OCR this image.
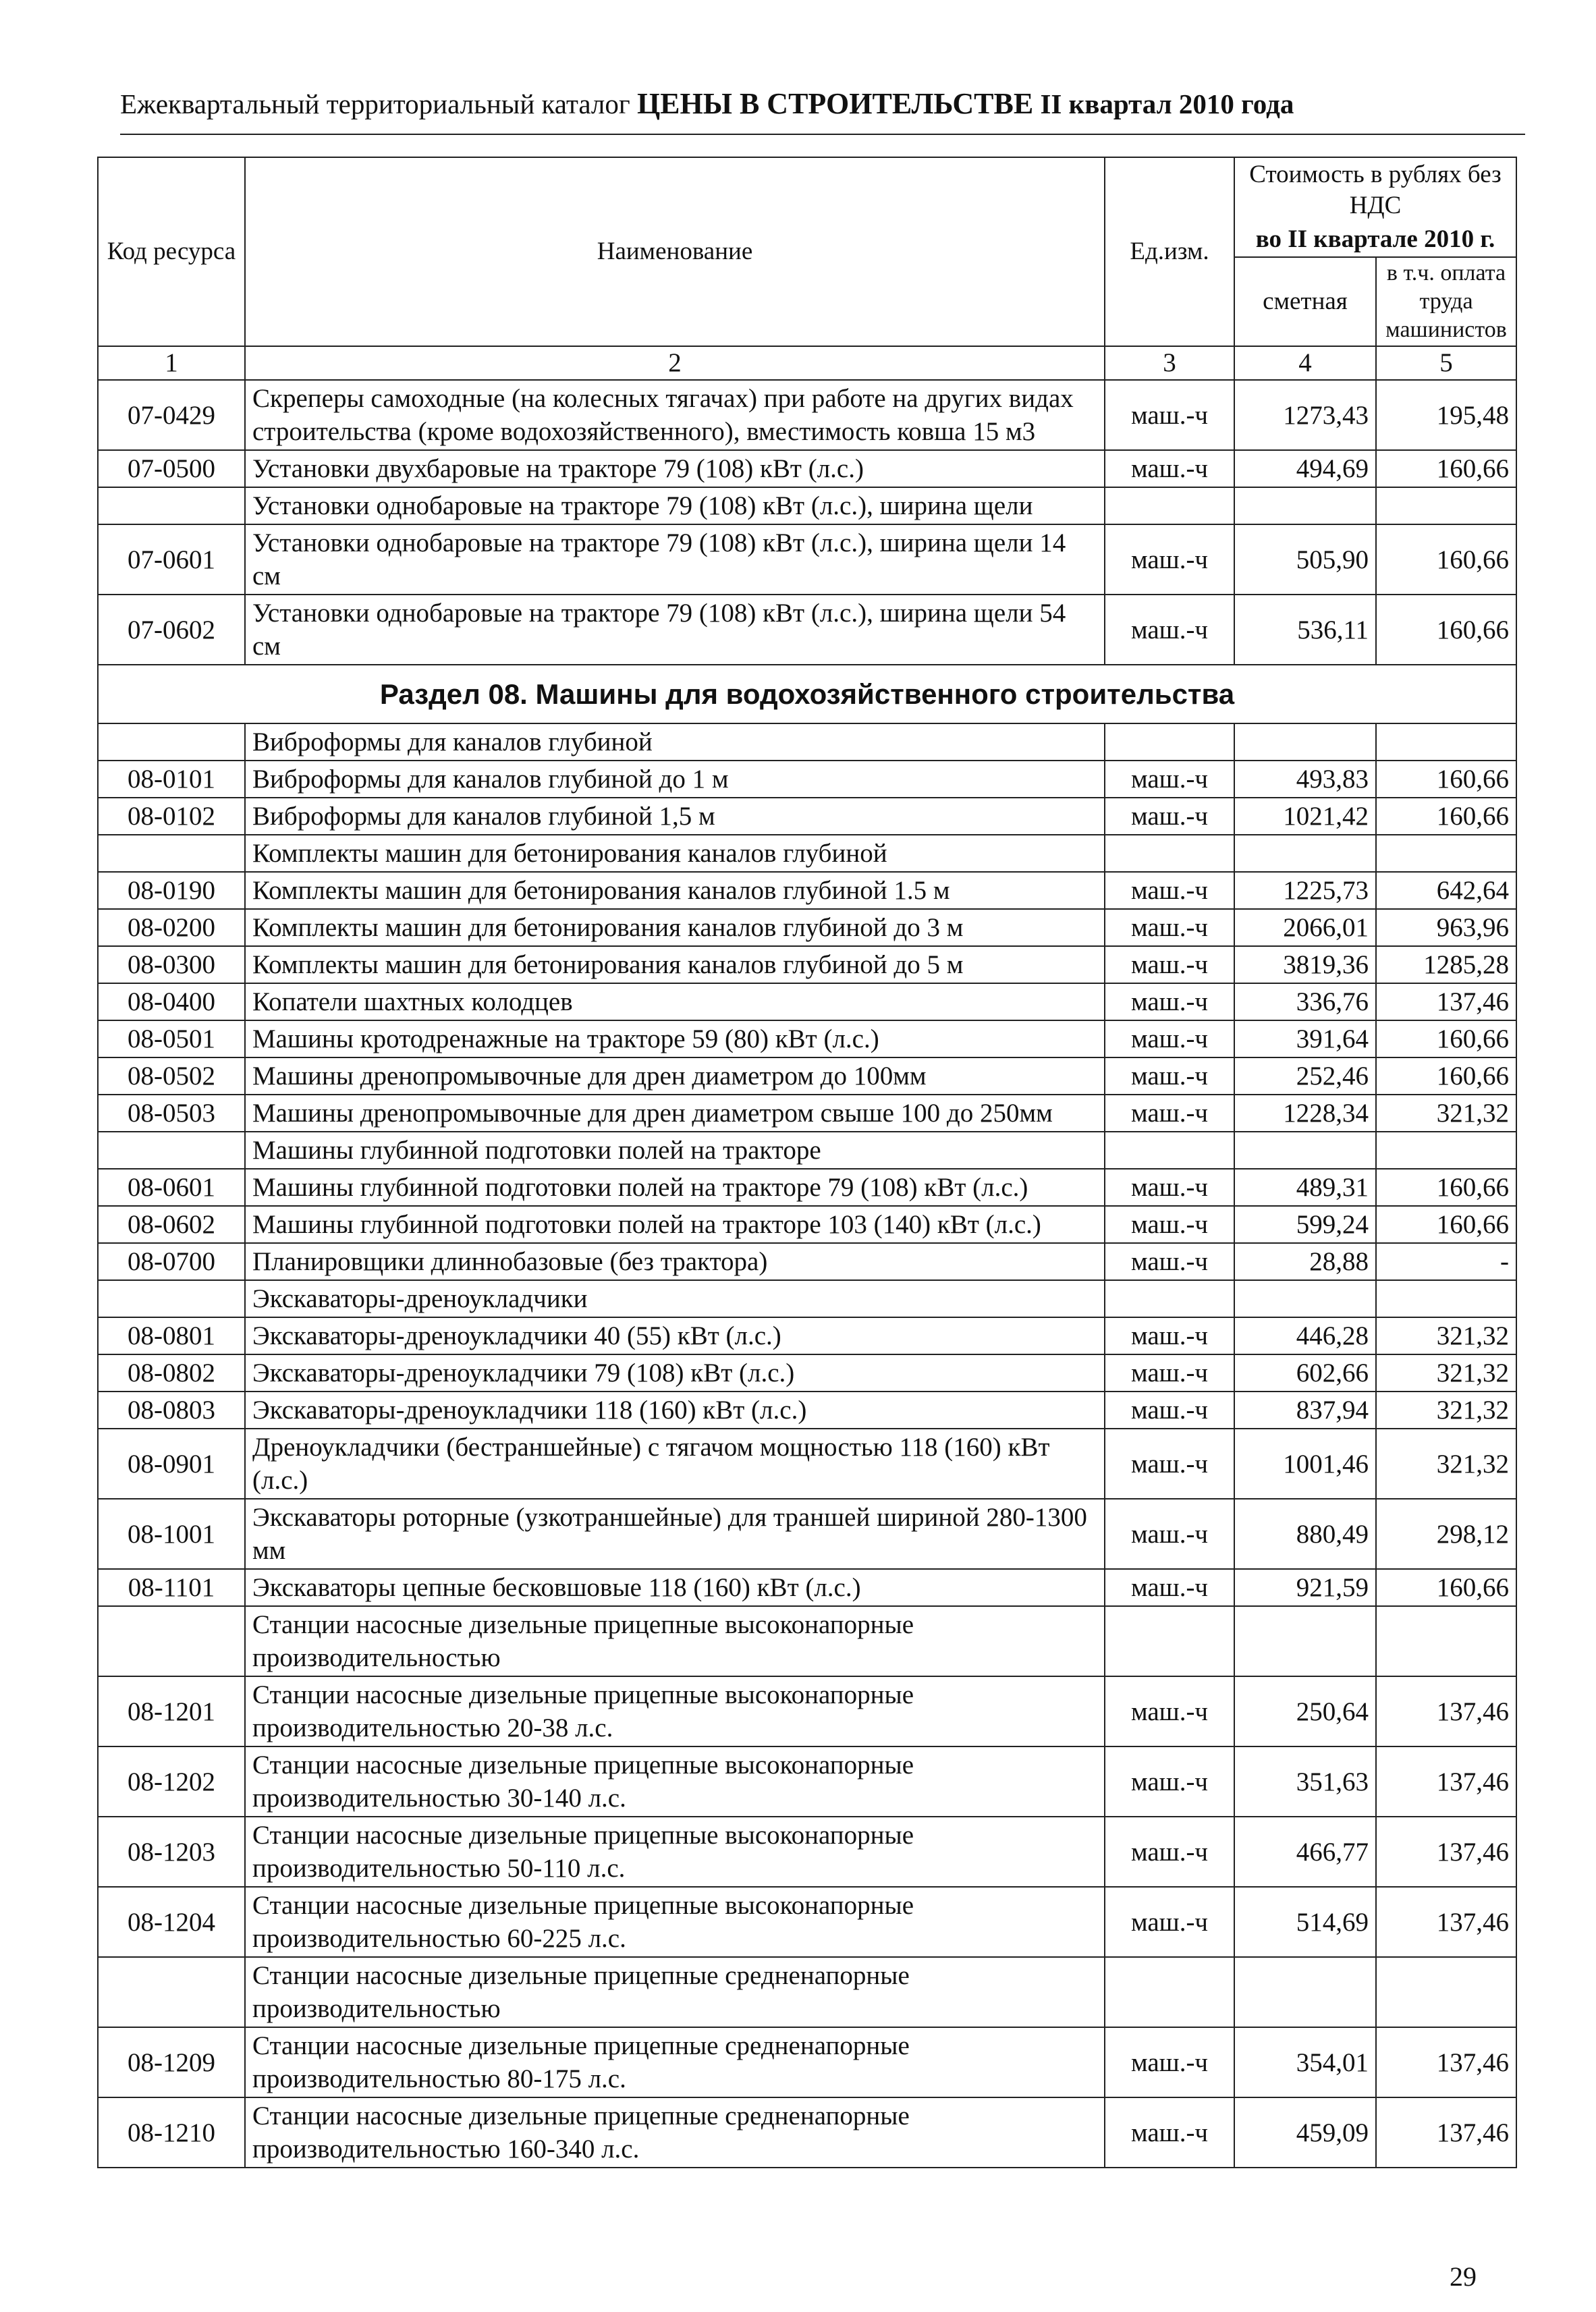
Ежеквартальный территориальный каталог ЦЕНЫ В СТРОИТЕЛЬСТВЕ II квартал 2010 года
Код ресурса	Наименование	Ед.изм.	Стоимость в рублях без НДС	

			во II квартале 2010 г.	
			сметная	в т.ч. оплата труда машинистов
1	2	3	4	5
07-0429	Скреперы самоходные (на колесных тягачах) при работе на других видах строительства (кроме водохозяйственного), вместимость ковша 15 м3	маш.-ч	1273,43	195,48
07-0500	Установки двухбаровые на тракторе 79 (108) кВт (л.с.)	маш.-ч	494,69	160,66
	Установки однобаровые на тракторе 79 (108) кВт (л.с.), ширина щели			
07-0601	Установки однобаровые на тракторе 79 (108) кВт (л.с.), ширина щели 14 см	маш.-ч	505,90	160,66
07-0602	Установки однобаровые на тракторе 79 (108) кВт (л.с.), ширина щели 54 см	маш.-ч	536,11	160,66
Раздел 08. Машины для водохозяйственного строительства				
	Виброформы для каналов глубиной			
08-0101	Виброформы для каналов глубиной до 1 м	маш.-ч	493,83	160,66
08-0102	Виброформы для каналов глубиной 1,5 м	маш.-ч	1021,42	160,66
	Комплекты машин для бетонирования каналов глубиной			
08-0190	Комплекты машин для бетонирования каналов глубиной 1.5 м	маш.-ч	1225,73	642,64
08-0200	Комплекты машин для бетонирования каналов глубиной до 3 м	маш.-ч	2066,01	963,96
08-0300	Комплекты машин для бетонирования каналов глубиной до 5 м	маш.-ч	3819,36	1285,28
08-0400	Копатели шахтных колодцев	маш.-ч	336,76	137,46
08-0501	Машины кротодренажные на тракторе 59 (80) кВт (л.с.)	маш.-ч	391,64	160,66
08-0502	Машины дренопромывочные для дрен диаметром до 100мм	маш.-ч	252,46	160,66
08-0503	Машины дренопромывочные для дрен диаметром свыше 100 до 250мм	маш.-ч	1228,34	321,32
	Машины глубинной подготовки полей на тракторе			
08-0601	Машины глубинной подготовки полей на тракторе 79 (108) кВт (л.с.)	маш.-ч	489,31	160,66
08-0602	Машины глубинной подготовки полей на тракторе 103 (140) кВт (л.с.)	маш.-ч	599,24	160,66
08-0700	Планировщики длиннобазовые (без трактора)	маш.-ч	28,88	-
	Экскаваторы-дреноукладчики			
08-0801	Экскаваторы-дреноукладчики 40 (55) кВт (л.с.)	маш.-ч	446,28	321,32
08-0802	Экскаваторы-дреноукладчики 79 (108) кВт (л.с.)	маш.-ч	602,66	321,32
08-0803	Экскаваторы-дреноукладчики 118 (160) кВт (л.с.)	маш.-ч	837,94	321,32
08-0901	Дреноукладчики (бестраншейные) с тягачом мощностью 118 (160) кВт (л.с.)	маш.-ч	1001,46	321,32
08-1001	Экскаваторы роторные (узкотраншейные) для траншей шириной 280-1300 мм	маш.-ч	880,49	298,12
08-1101	Экскаваторы цепные бесковшовые 118 (160) кВт (л.с.)	маш.-ч	921,59	160,66
	Станции насосные дизельные прицепные высоконапорные производительностью			
08-1201	Станции насосные дизельные прицепные высоконапорные производительностью 20-38 л.с.	маш.-ч	250,64	137,46
08-1202	Станции насосные дизельные прицепные высоконапорные производительностью 30-140 л.с.	маш.-ч	351,63	137,46
08-1203	Станции насосные дизельные прицепные высоконапорные производительностью 50-110 л.с.	маш.-ч	466,77	137,46
08-1204	Станции насосные дизельные прицепные высоконапорные производительностью 60-225 л.с.	маш.-ч	514,69	137,46
	Станции насосные дизельные прицепные средненапорные производительностью			
08-1209	Станции насосные дизельные прицепные средненапорные производительностью 80-175 л.с.	маш.-ч	354,01	137,46
08-1210	Станции насосные дизельные прицепные средненапорные производительностью 160-340 л.с.	маш.-ч	459,09	137,46
29
